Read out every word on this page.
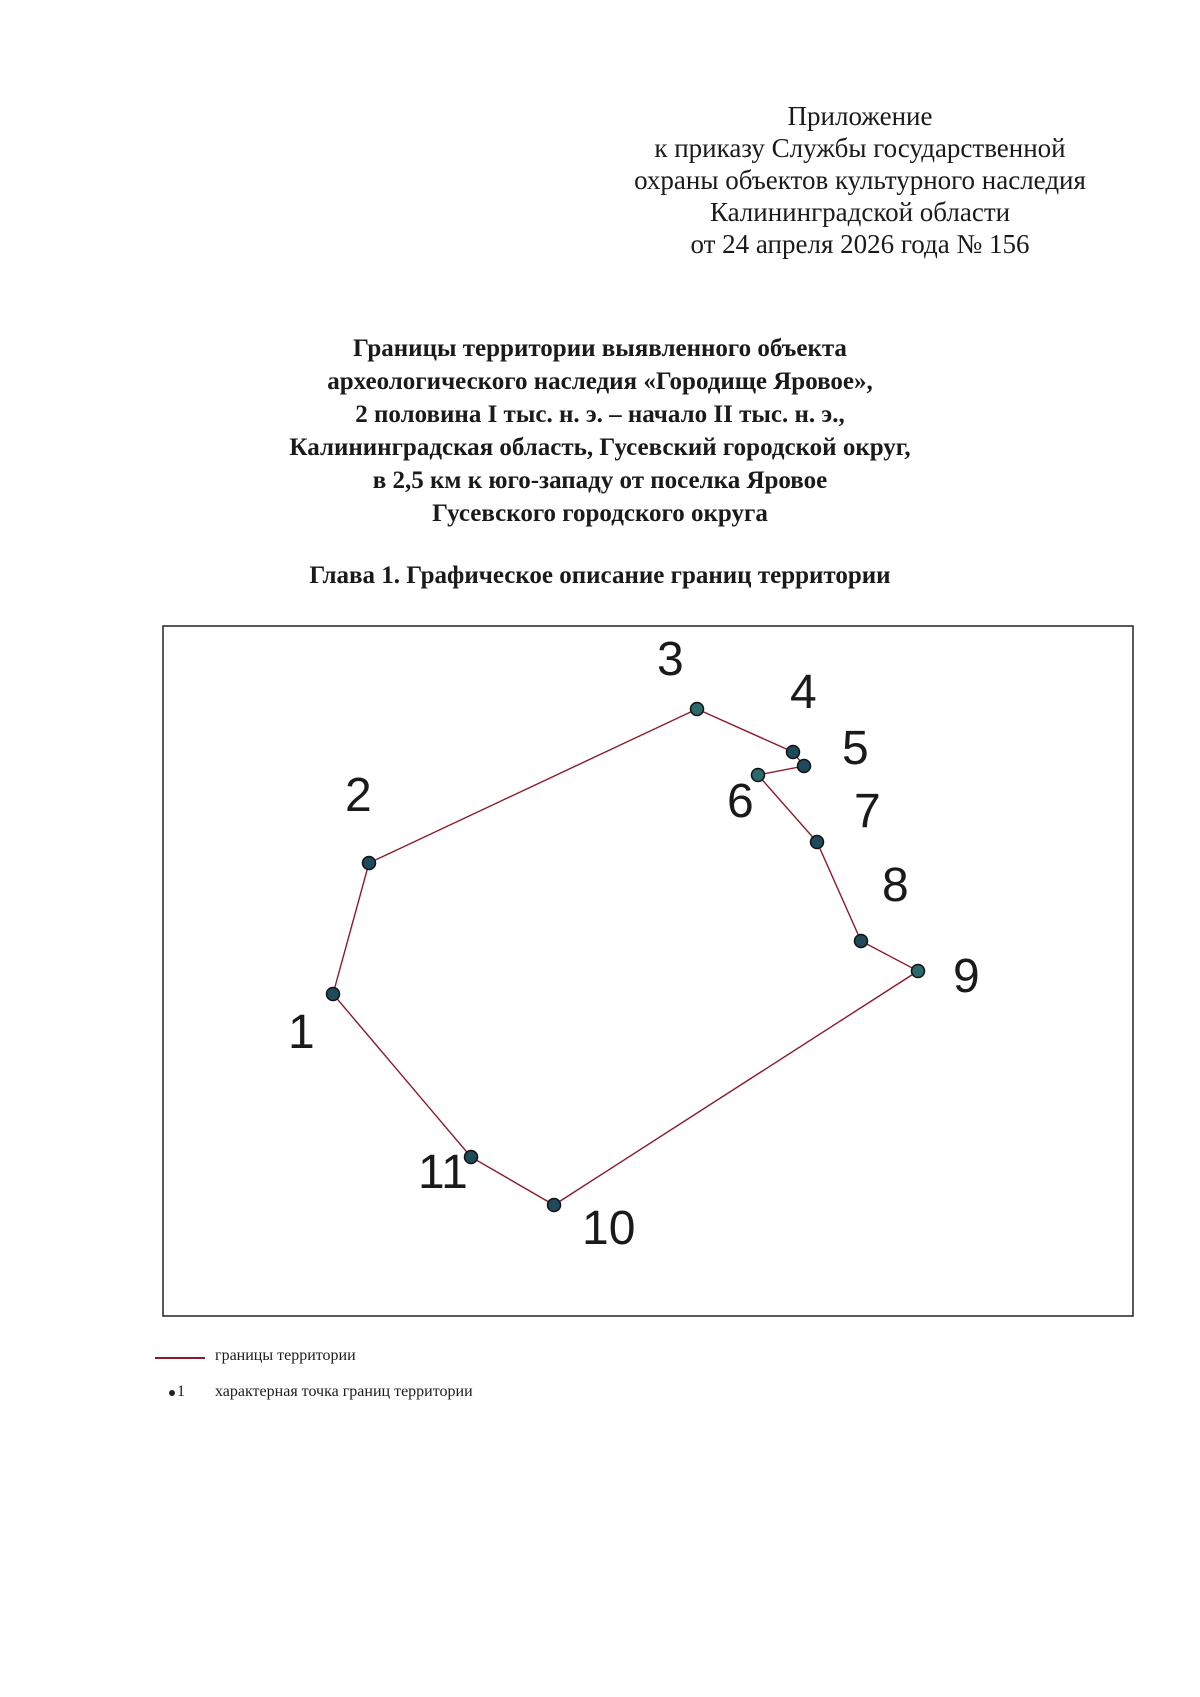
Приложение
к приказу Службы государственной
охраны объектов культурного наследия
Калининградской области
от 24 апреля 2026 года № 156
Границы территории выявленного объекта
археологического наследия «Городище Яровое»,
2 половина I тыс. н. э. – начало II тыс. н. э.,
Калининградская область, Гусевский городской округ,
в 2,5 км к юго-западу от поселка Яровое
Гусевского городского округа
Глава 1. Графическое описание границ территории
1
2
3
4
5
6 7
8
9
10
11
границы территории
1 характерная точка границ территории
